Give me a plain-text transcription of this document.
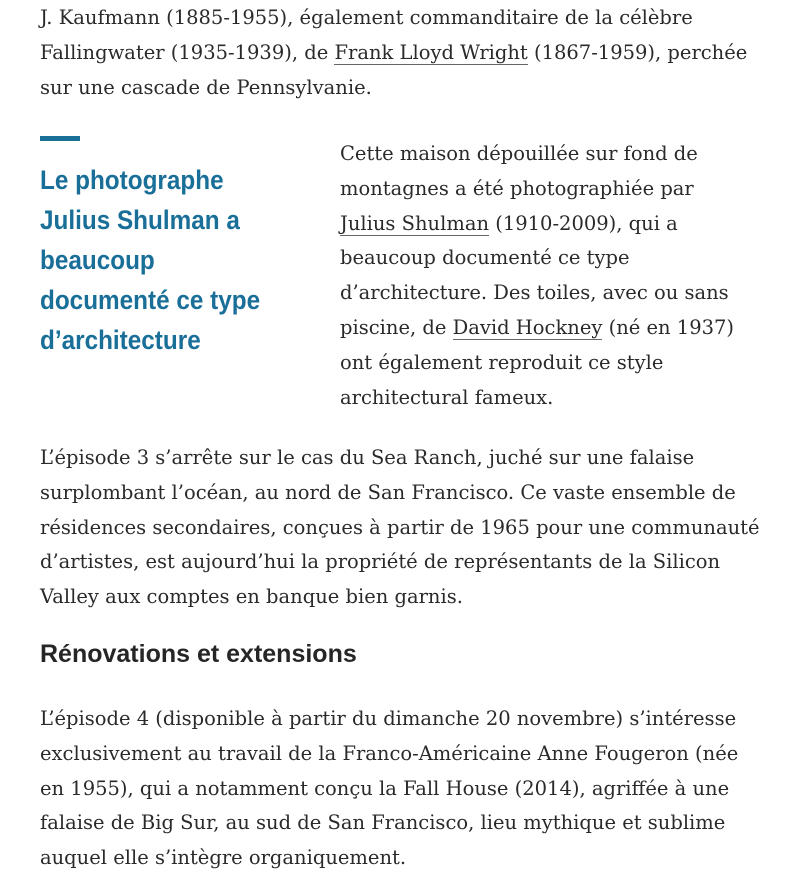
J. Kaufmann (1885-1955), également commanditaire de la célèbre Fallingwater (1935-1939), de Frank Lloyd Wright (1867-1959), perchée sur une cascade de Pennsylvanie.

Le photographe Julius Shulman a beaucoup documenté ce type d’architecture

Cette maison dépouillée sur fond de montagnes a été photographiée par Julius Shulman (1910-2009), qui a beaucoup documenté ce type d’architecture. Des toiles, avec ou sans piscine, de David Hockney (né en 1937) ont également reproduit ce style architectural fameux.

L’épisode 3 s’arrête sur le cas du Sea Ranch, juché sur une falaise surplombant l’océan, au nord de San Francisco. Ce vaste ensemble de résidences secondaires, conçues à partir de 1965 pour une communauté d’artistes, est aujourd’hui la propriété de représentants de la Silicon Valley aux comptes en banque bien garnis.

Rénovations et extensions

L’épisode 4 (disponible à partir du dimanche 20 novembre) s’intéresse exclusivement au travail de la Franco-Américaine Anne Fougeron (née en 1955), qui a notamment conçu la Fall House (2014), agriffée à une falaise de Big Sur, au sud de San Francisco, lieu mythique et sublime auquel elle s’intègre organiquement.
